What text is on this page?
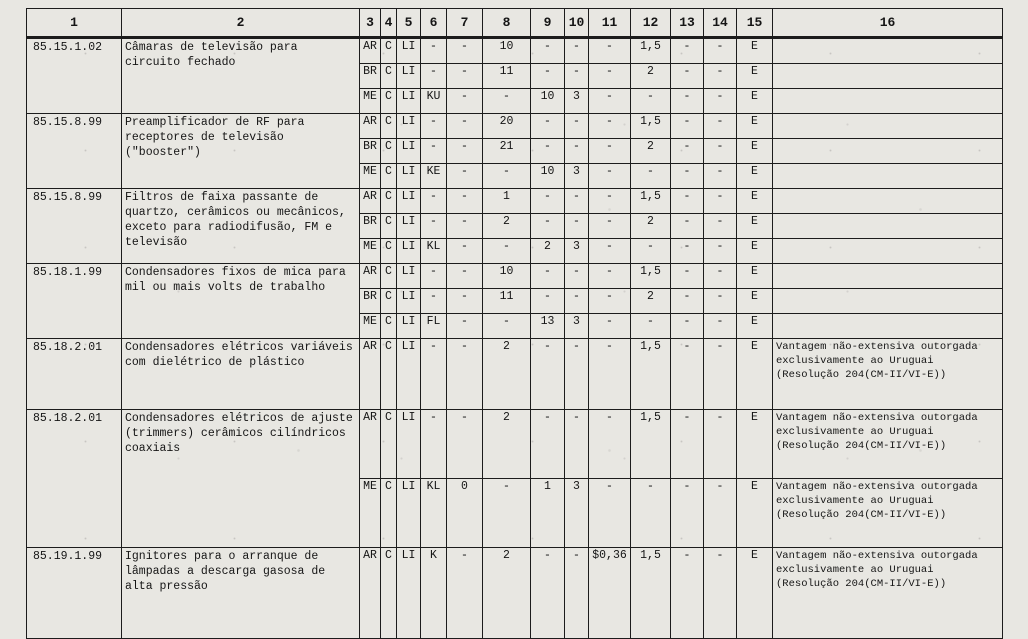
1	2	3	4	5	6	7	8	9	10	11	12	13	14	15	16
85.15.1.02	Câmaras de televisão para circuito fechado	AR	C	LI	-	-	10	-	-	-	1,5	-	-	E	
		BR	C	LI	-	-	11	-	-	-	2	-	-	E	
		ME	C	LI	KU	-	-	10	3	-	-	-	-	E	
85.15.8.99	Preamplificador de RF para receptores de televisão ("booster")	AR	C	LI	-	-	20	-	-	-	1,5	-	-	E	
		BR	C	LI	-	-	21	-	-	-	2	-	-	E	
		ME	C	LI	KE	-	-	10	3	-	-	-	-	E	
85.15.8.99	Filtros de faixa passante de quartzo, cerâmicos ou mecânicos, exceto para radiodifusão, FM e televisão	AR	C	LI	-	-	1	-	-	-	1,5	-	-	E	
		BR	C	LI	-	-	2	-	-	-	2	-	-	E	
		ME	C	LI	KL	-	-	2	3	-	-	-	-	E	
85.18.1.99	Condensadores fixos de mica para mil ou mais volts de trabalho	AR	C	LI	-	-	10	-	-	-	1,5	-	-	E	
		BR	C	LI	-	-	11	-	-	-	2	-	-	E	
		ME	C	LI	FL	-	-	13	3	-	-	-	-	E	
85.18.2.01	Condensadores elétricos variáveis com dielétrico de plástico	AR	C	LI	-	-	2	-	-	-	1,5	-	-	E	Vantagem não-extensiva outorgada exclusivamente ao Uruguai (Resolução 204(CM-II/VI-E))
85.18.2.01	Condensadores elétricos de ajuste (trimmers) cerâmicos cilíndricos coaxiais	AR	C	LI	-	-	2	-	-	-	1,5	-	-	E	Vantagem não-extensiva outorgada exclusivamente ao Uruguai (Resolução 204(CM-II/VI-E))
		ME	C	LI	KL	0	-	1	3	-	-	-	-	E	Vantagem não-extensiva outorgada exclusivamente ao Uruguai (Resolução 204(CM-II/VI-E))
85.19.1.99	Ignitores para o arranque de lâmpadas a descarga gasosa de alta pressão	AR	C	LI	K	-	2	-	-	$0,36	1,5	-	-	E	Vantagem não-extensiva outorgada exclusivamente ao Uruguai (Resolução 204(CM-II/VI-E))
